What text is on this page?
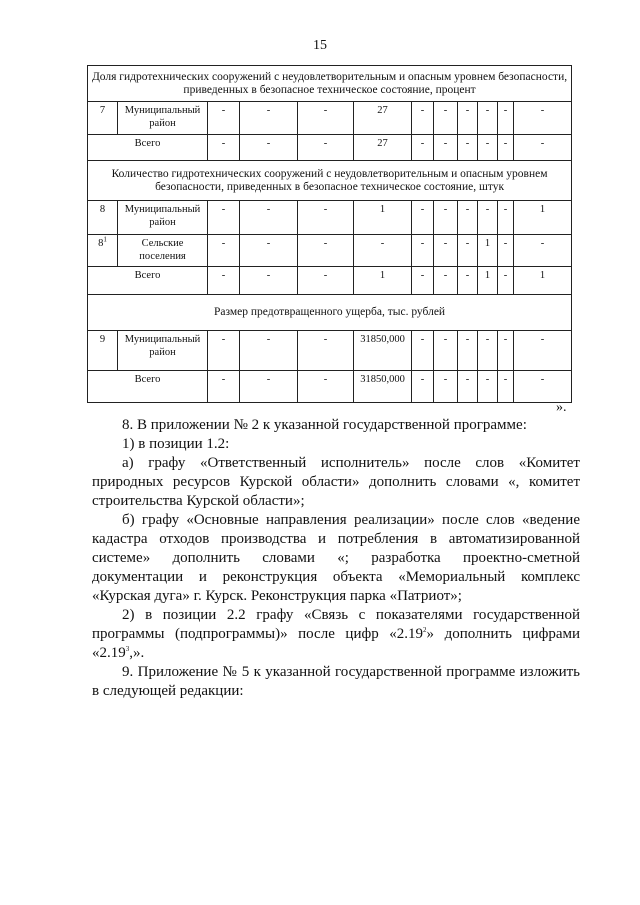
15
Доля гидротехнических сооружений с неудовлетворительным и опасным уровнем безопасности, приведенных в безопасное техническое состояние, процент											
7	Муниципальный район	-	-	-	27	-	-	-	-	-	-
Всего		-	-	-	27	-	-	-	-	-	-
Количество гидротехнических сооружений с неудовлетворительным и опасным уровнем безопасности, приведенных в безопасное техническое состояние, штук											
8	Муниципальный район	-	-	-	1	-	-	-	-	-	1
$8^1$	Сельские поселения	-	-	-	-	-	-	-	1	-	-
Всего		-	-	-	1	-	-	-	1	-	1
Размер предотвращенного ущерба, тыс. рублей											
9	Муниципальный район	-	-	-	31850,000	-	-	-	-	-	-
Всего		-	-	-	31850,000	-	-	-	-	-	-
».

8. В приложении № 2 к указанной государственной программе:

1) в позиции 1.2:

а) графу «Ответственный исполнитель» после слов «Комитет природных ресурсов Курской области» дополнить словами «, комитет строительства Курской области»;

б) графу «Основные направления реализации» после слов «ведение кадастра отходов производства и потребления в автоматизированной системе» дополнить словами «; разработка проектно-сметной документации и реконструкция объекта «Мемориальный комплекс «Курская дуга» г. Курск. Реконструкция парка «Патриот»;

2) в позиции 2.2 графу «Связь с показателями государственной программы (подпрограммы)» после цифр «2.19$^2$» дополнить цифрами «2.19$^3$,».

9. Приложение № 5 к указанной государственной программе изложить в следующей редакции:
